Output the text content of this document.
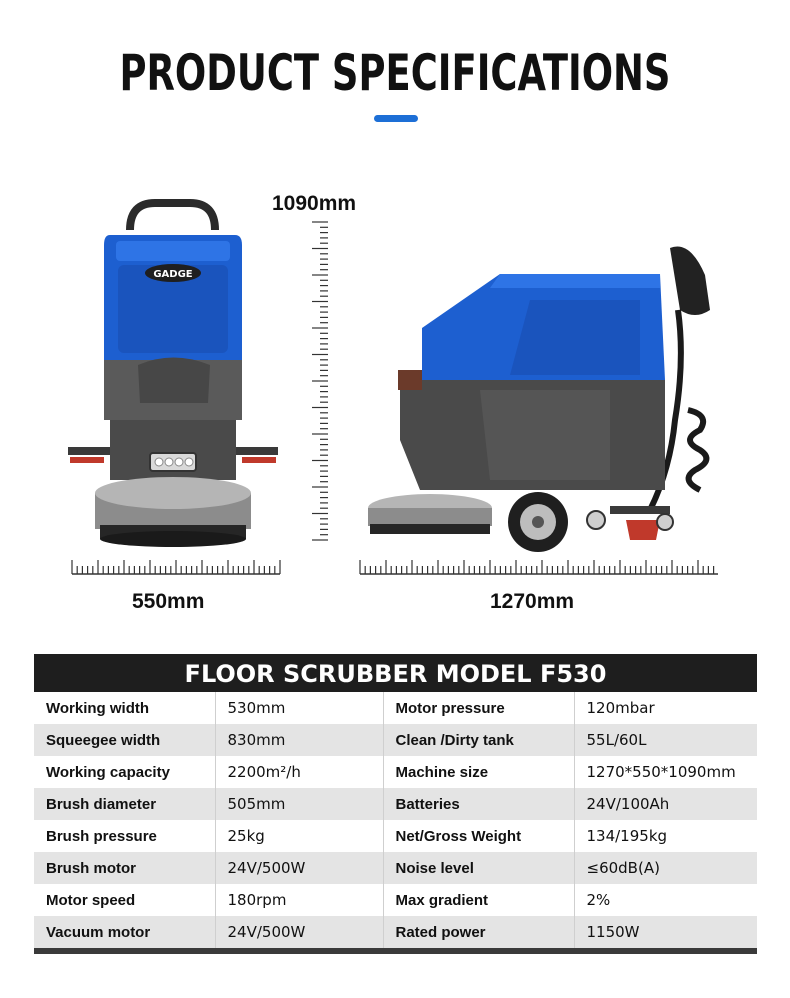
PRODUCT SPECIFICATIONS
GADGE
1090mm
550mm	1270mm
FLOOR SCRUBBER MODEL F530
Working width	530mm	Motor pressure	120mbar
Squeegee width	830mm	Clean /Dirty tank	55L/60L
Working capacity	2200m²/h	Machine size	1270*550*1090mm
Brush diameter	505mm	Batteries	24V/100Ah
Brush pressure	25kg	Net/Gross Weight	134/195kg
Brush motor	24V/500W	Noise level	≤60dB(A)
Motor speed	180rpm	Max gradient	2%
Vacuum motor	24V/500W	Rated power	1150W
